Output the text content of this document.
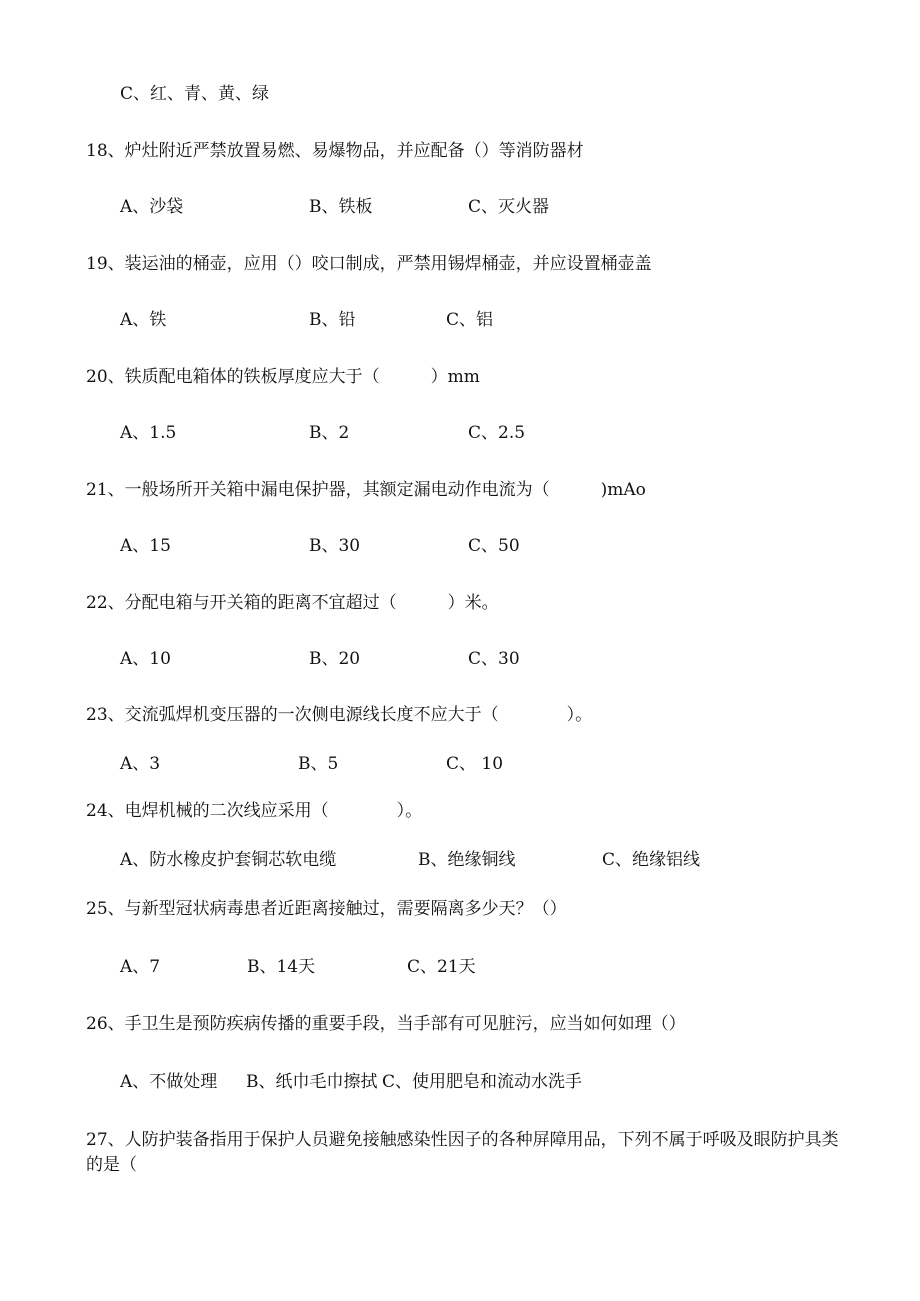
C、红、青、黄、绿
18、炉灶附近严禁放置易燃、易爆物品，并应配备（）等消防器材
A、沙袋	B、铁板	C、灭火器
19、装运油的桶壶，应用（）咬口制成，严禁用锡焊桶壶，并应设置桶壶盖
A、铁	B、铅	C、铝
20、铁质配电箱体的铁板厚度应大于（　　　）mm
A、1.5	B、2	C、2.5
21、一般场所开关箱中漏电保护器，其额定漏电动作电流为（　　　)mAo
A、15	B、30	C、50
22、分配电箱与开关箱的距离不宜超过（　　　）米。
A、10	B、20	C、30
23、交流弧焊机变压器的一次侧电源线长度不应大于（　　　　）。
A、3	B、5	C、 10
24、电焊机械的二次线应采用（　　　　）。
A、防水橡皮护套铜芯软电缆	B、绝缘铜线	C、绝缘铝线
25、与新型冠状病毒患者近距离接触过，需要隔离多少天？（）
A、7	B、14天	C、21天
26、手卫生是预防疾病传播的重要手段，当手部有可见脏污，应当如何如理（）
A、不做处理 B、纸巾毛巾擦拭 C、使用肥皂和流动水洗手
27、人防护装备指用于保护人员避免接触感染性因子的各种屏障用品，下列不属于呼吸及眼防护具类的是（
